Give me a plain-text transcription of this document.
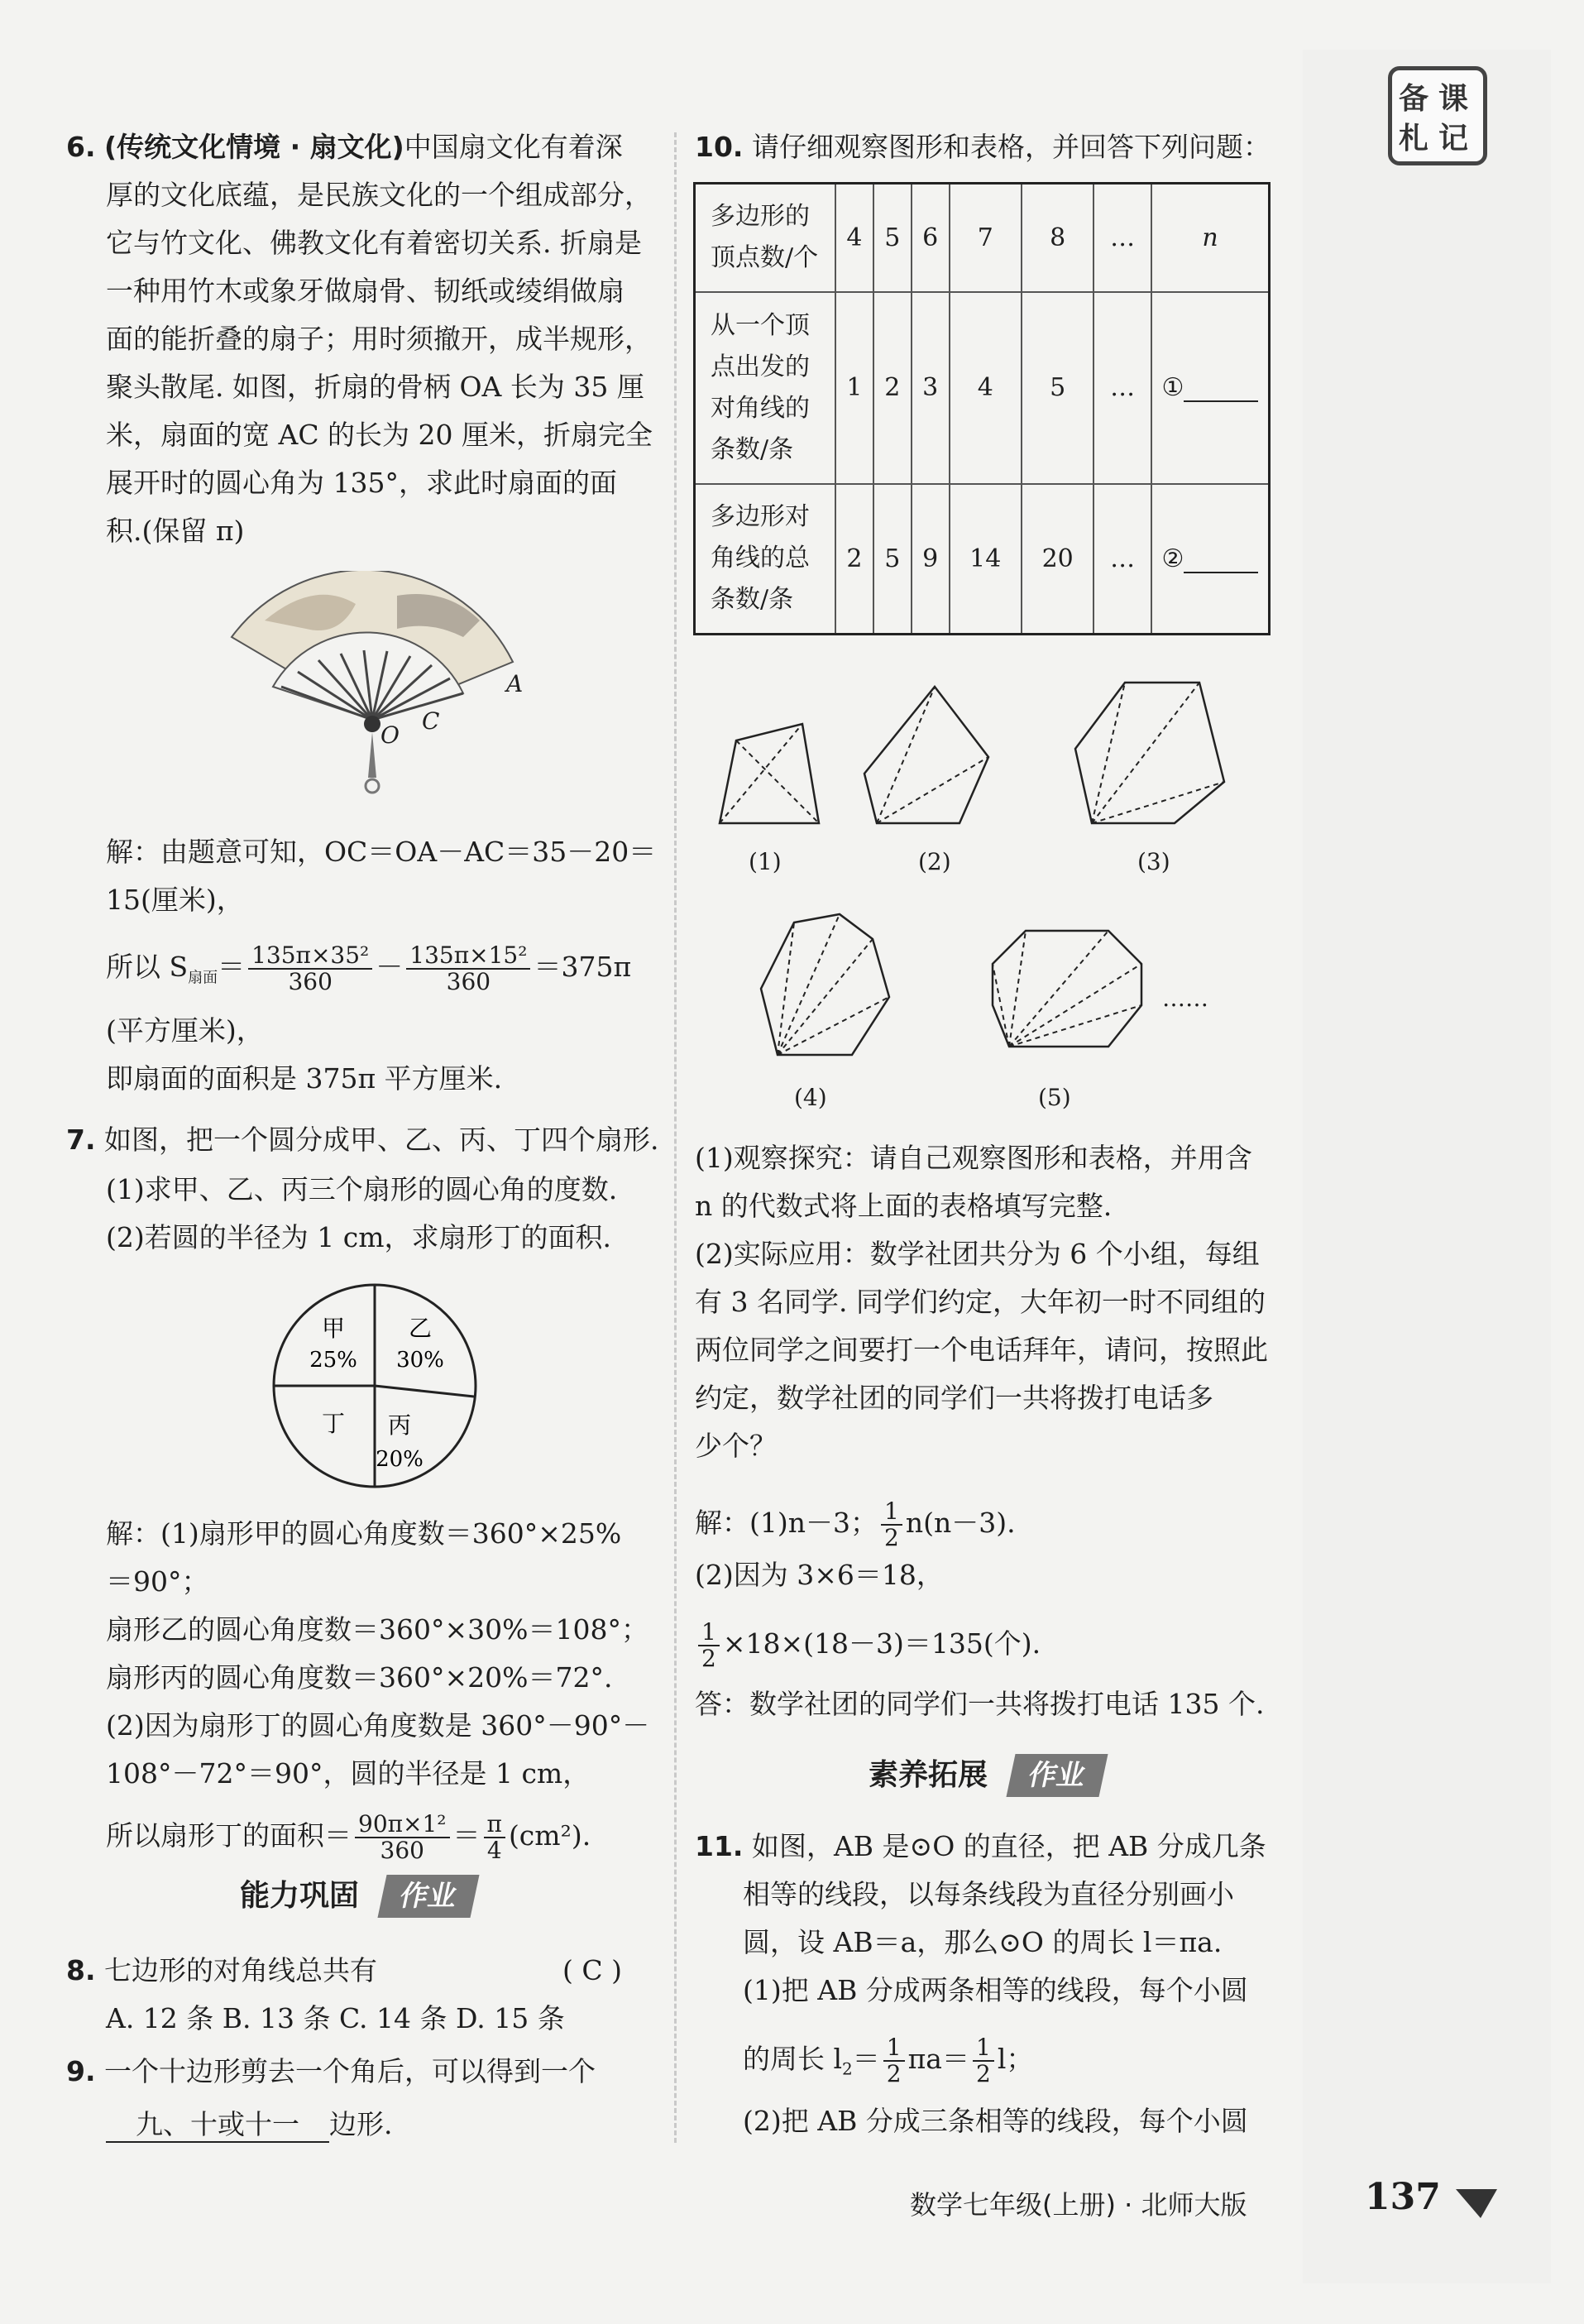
备 课
札 记
6. (传统文化情境 · 扇文化)中国扇文化有着深
厚的文化底蕴，是民族文化的一个组成部分，
它与竹文化、佛教文化有着密切关系. 折扇是
一种用竹木或象牙做扇骨、韧纸或绫绢做扇
面的能折叠的扇子；用时须撤开，成半规形，
聚头散尾. 如图，折扇的骨柄 OA 长为 35 厘
米，扇面的宽 AC 的长为 20 厘米，折扇完全
展开时的圆心角为 135°，求此时扇面的面
积.(保留 π)
A
O
C
解：由题意可知，OC＝OA－AC＝35－20＝
15(厘米)，
所以 $S_{扇面}= \frac{\text{135π×35²}}{360} - \frac{\text{135π×15²}}{360} =375\pi$
(平方厘米)，
即扇面的面积是 375π 平方厘米.
7. 如图，把一个圆分成甲、乙、丙、丁四个扇形.
(1)求甲、乙、丙三个扇形的圆心角的度数.
(2)若圆的半径为 1 cm，求扇形丁的面积.
甲
25%
乙
30%
丙
20%
丁
解：(1)扇形甲的圆心角度数＝360°×25%
＝90°；
扇形乙的圆心角度数＝360°×30%＝108°；
扇形丙的圆心角度数＝360°×20%＝72°.
(2)因为扇形丁的圆心角度数是 360°－90°－
108°－72°＝90°，圆的半径是 1 cm，
所以扇形丁的面积＝ $\frac{\text{90π×1²}}{360} = \frac{\pi}{4} (cm^2)$.
能力巩固	作业
8. 七边形的对角线总共有	( C )
A. 12 条 B. 13 条 C. 14 条 D. 15 条
9. 一个十边形剪去一个角后，可以得到一个
九、十或十一 边形.
10. 请仔细观察图形和表格，并回答下列问题：
多边形的
顶点数/个	4	5	6	7	8	…	n
从一个顶
点出发的
对角线的
条数/条	1	2	3	4	5	…	①
多边形对
角线的总
条数/条	2	5	9	14	20	…	②
(1)	(2)	(3)
(4)	(5)
……
(1)观察探究：请自己观察图形和表格，并用含
n 的代数式将上面的表格填写完整.
(2)实际应用：数学社团共分为 6 个小组，每组
有 3 名同学. 同学们约定，大年初一时不同组的
两位同学之间要打一个电话拜年，请问，按照此
约定，数学社团的同学们一共将拨打电话多
少个？
解：(1)n－3； $\frac{1}{2} n(n-3)$.
(2)因为 3×6＝18，
$\frac{1}{2} \times 18\times(18-3)=135$(个).
答：数学社团的同学们一共将拨打电话 135 个.
素养拓展	作业
11. 如图，AB 是⊙O 的直径，把 AB 分成几条
相等的线段，以每条线段为直径分别画小
圆，设 AB＝a，那么⊙O 的周长 l＝πa.
(1)把 AB 分成两条相等的线段，每个小圆
的周长 $l_2= \frac{1}{2} \pi a= \frac{1}{2}$ l；
(2)把 AB 分成三条相等的线段，每个小圆
数学七年级(上册) · 北师大版	137
